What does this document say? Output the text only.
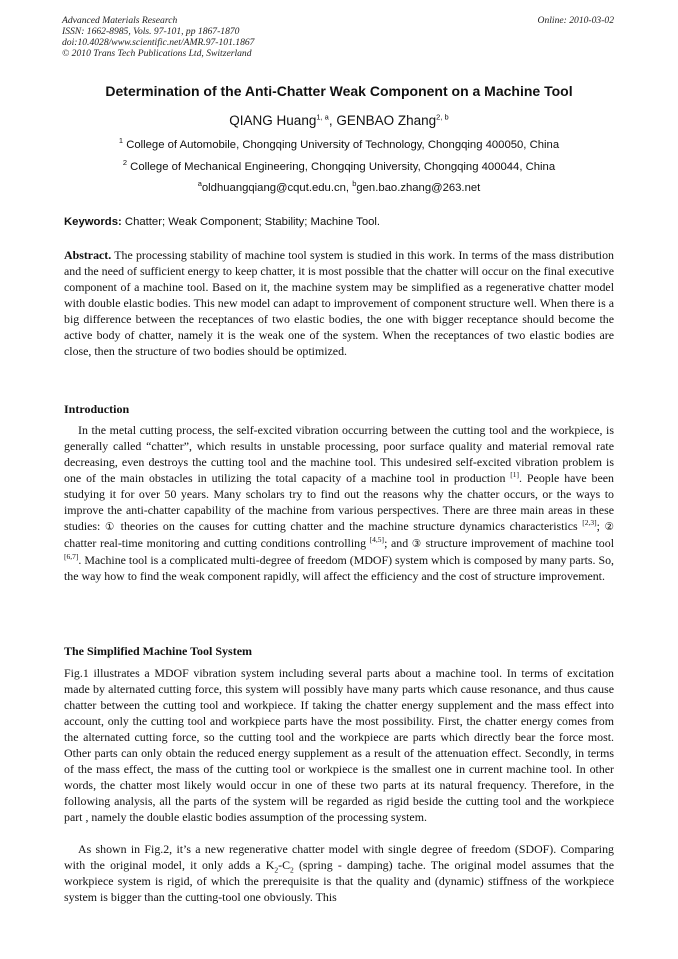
Advanced Materials Research
ISSN: 1662-8985, Vols. 97-101, pp 1867-1870
doi:10.4028/www.scientific.net/AMR.97-101.1867
© 2010 Trans Tech Publications Ltd, Switzerland
Online: 2010-03-02
Determination of the Anti-Chatter Weak Component on a Machine Tool
QIANG Huang$^{1, a}$, GENBAO Zhang$^{2, b}$
$^1$ College of Automobile, Chongqing University of Technology, Chongqing 400050, China
$^2$ College of Mechanical Engineering, Chongqing University, Chongqing 400044, China
$^a$oldhuangqiang@cqut.edu.cn, $^b$gen.bao.zhang@263.net
Keywords: Chatter; Weak Component; Stability; Machine Tool.
Abstract. The processing stability of machine tool system is studied in this work. In terms of the mass distribution and the need of sufficient energy to keep chatter, it is most possible that the chatter will occur on the final executive component of a machine tool. Based on it, the machine system may be simplified as a regenerative chatter model with double elastic bodies. This new model can adapt to improvement of component structure well. When there is a big difference between the receptances of two elastic bodies, the one with bigger receptance should become the active body of chatter, namely it is the weak one of the system. When the receptances of two elastic bodies are close, then the structure of two bodies should be optimized.
Introduction
In the metal cutting process, the self-excited vibration occurring between the cutting tool and the workpiece, is generally called “chatter”, which results in unstable processing, poor surface quality and material removal rate decreasing, even destroys the cutting tool and the machine tool. This undesired self-excited vibration problem is one of the main obstacles in utilizing the total capacity of a machine tool in production [1]. People have been studying it for over 50 years. Many scholars try to find out the reasons why the chatter occurs, or the ways to improve the anti-chatter capability of the machine from various perspectives. There are three main areas in these studies: ① theories on the causes for cutting chatter and the machine structure dynamics characteristics [2,3]; ② chatter real-time monitoring and cutting conditions controlling [4,5]; and ③ structure improvement of machine tool [6,7]. Machine tool is a complicated multi-degree of freedom (MDOF) system which is composed by many parts. So, the way how to find the weak component rapidly, will affect the efficiency and the cost of structure improvement.
The Simplified Machine Tool System
Fig.1 illustrates a MDOF vibration system including several parts about a machine tool. In terms of excitation made by alternated cutting force, this system will possibly have many parts which cause resonance, and thus cause chatter between the cutting tool and workpiece. If taking the chatter energy supplement and the mass effect into account, only the cutting tool and workpiece parts have the most possibility. First, the chatter energy comes from the alternated cutting force, so the cutting tool and the workpiece are parts which directly bear the force most. Other parts can only obtain the reduced energy supplement as a result of the attenuation effect. Secondly, in terms of the mass effect, the mass of the cutting tool or workpiece is the smallest one in current machine tool. In other words, the chatter most likely would occur in one of these two parts at its natural frequency. Therefore, in the following analysis, all the parts of the system will be regarded as rigid beside the cutting tool and the workpiece part , namely the double elastic bodies assumption of the processing system.
As shown in Fig.2, it’s a new regenerative chatter model with single degree of freedom (SDOF). Comparing with the original model, it only adds a $K_2-C_2$ (spring - damping) tache. The original model assumes that the workpiece system is rigid, of which the prerequisite is that the quality and (dynamic) stiffness of the workpiece system is bigger than the cutting-tool one obviously. This
